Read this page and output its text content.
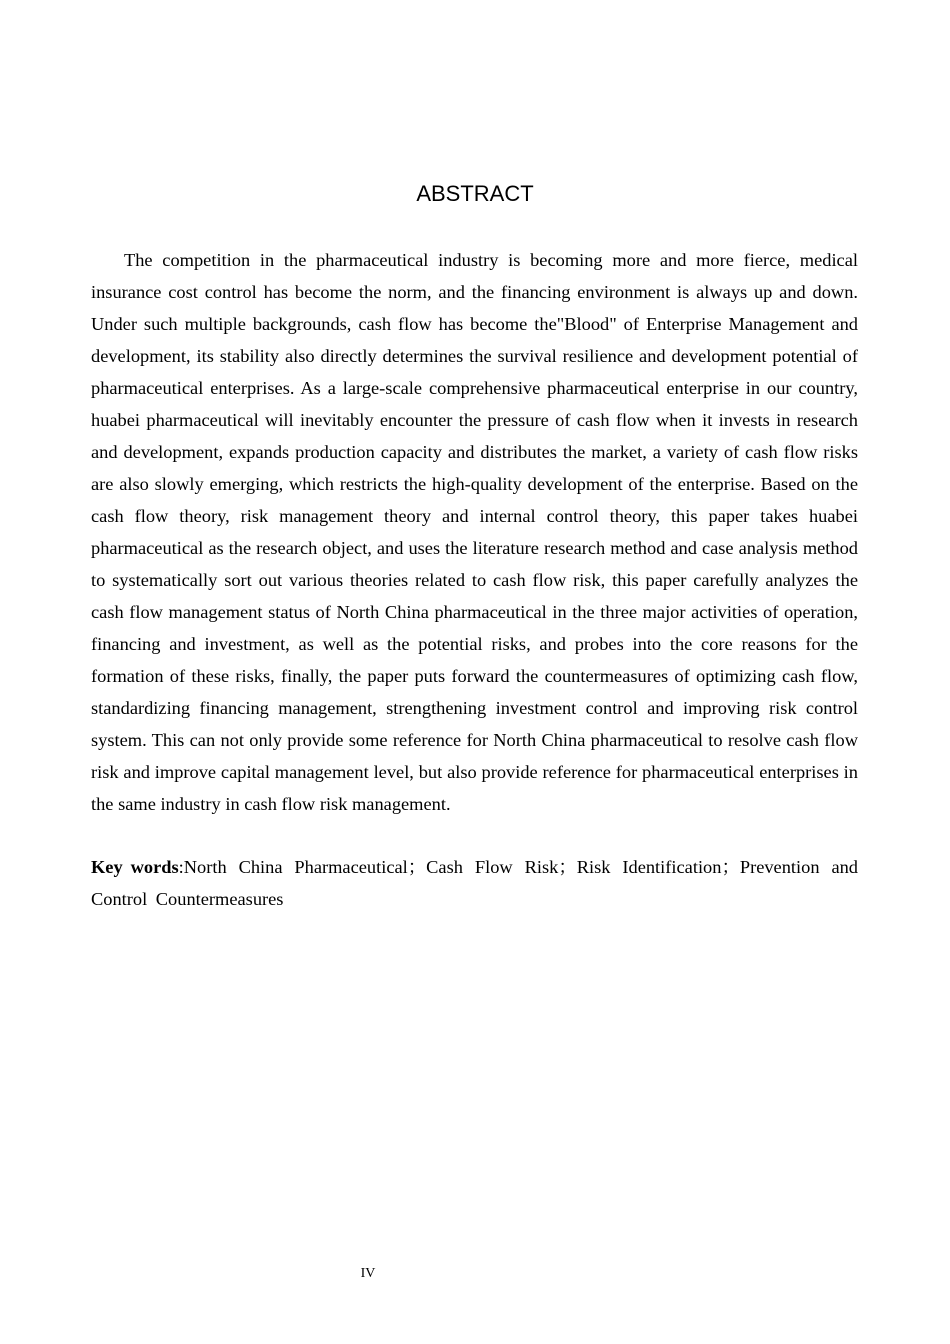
ABSTRACT

The competition in the pharmaceutical industry is becoming more and more fierce, medical insurance cost control has become the norm, and the financing environment is always up and down. Under such multiple backgrounds, cash flow has become the"Blood" of Enterprise Management and development, its stability also directly determines the survival resilience and development potential of pharmaceutical enterprises. As a large-scale comprehensive pharmaceutical enterprise in our country, huabei pharmaceutical will inevitably encounter the pressure of cash flow when it invests in research and development, expands production capacity and distributes the market, a variety of cash flow risks are also slowly emerging, which restricts the high-quality development of the enterprise. Based on the cash flow theory, risk management theory and internal control theory, this paper takes huabei pharmaceutical as the research object, and uses the literature research method and case analysis method to systematically sort out various theories related to cash flow risk, this paper carefully analyzes the cash flow management status of North China pharmaceutical in the three major activities of operation, financing and investment, as well as the potential risks, and probes into the core reasons for the formation of these risks, finally, the paper puts forward the countermeasures of optimizing cash flow, standardizing financing management, strengthening investment control and improving risk control system. This can not only provide some reference for North China pharmaceutical to resolve cash flow risk and improve capital management level, but also provide reference for pharmaceutical enterprises in the same industry in cash flow risk management.

Key words:North China Pharmaceutical；Cash Flow Risk；Risk Identification；Prevention and Control Countermeasures

IV
